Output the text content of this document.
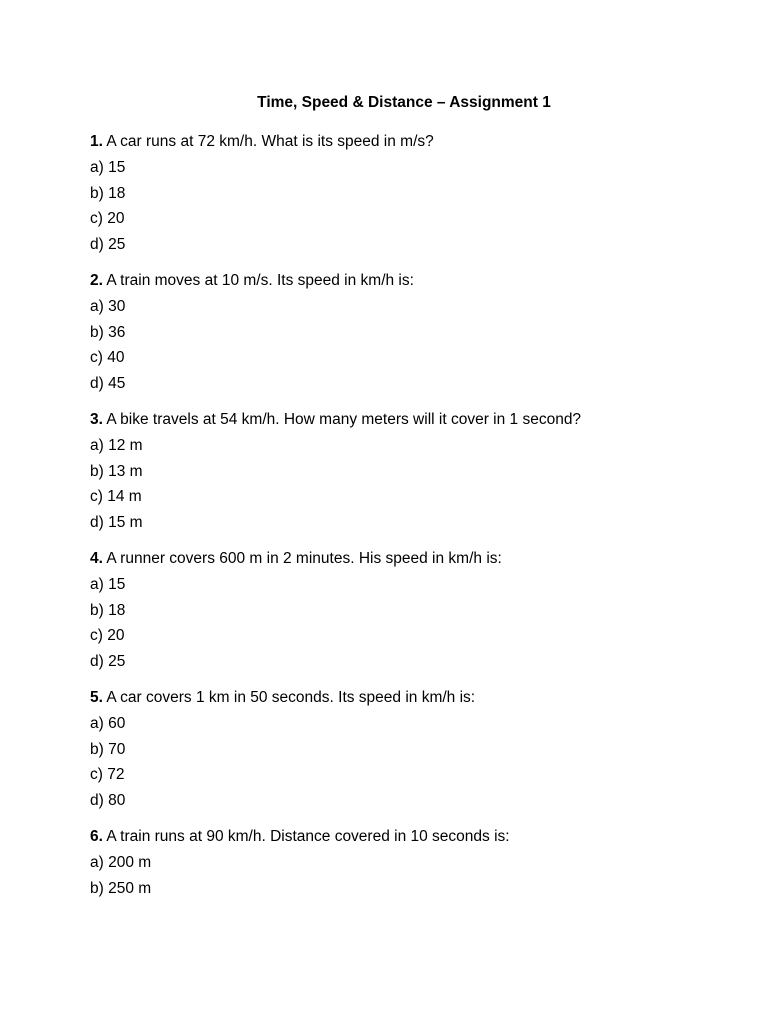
Time, Speed & Distance – Assignment 1
1. A car runs at 72 km/h. What is its speed in m/s?
a) 15
b) 18
c) 20
d) 25
2. A train moves at 10 m/s. Its speed in km/h is:
a) 30
b) 36
c) 40
d) 45
3. A bike travels at 54 km/h. How many meters will it cover in 1 second?
a) 12 m
b) 13 m
c) 14 m
d) 15 m
4. A runner covers 600 m in 2 minutes. His speed in km/h is:
a) 15
b) 18
c) 20
d) 25
5. A car covers 1 km in 50 seconds. Its speed in km/h is:
a) 60
b) 70
c) 72
d) 80
6. A train runs at 90 km/h. Distance covered in 10 seconds is:
a) 200 m
b) 250 m
